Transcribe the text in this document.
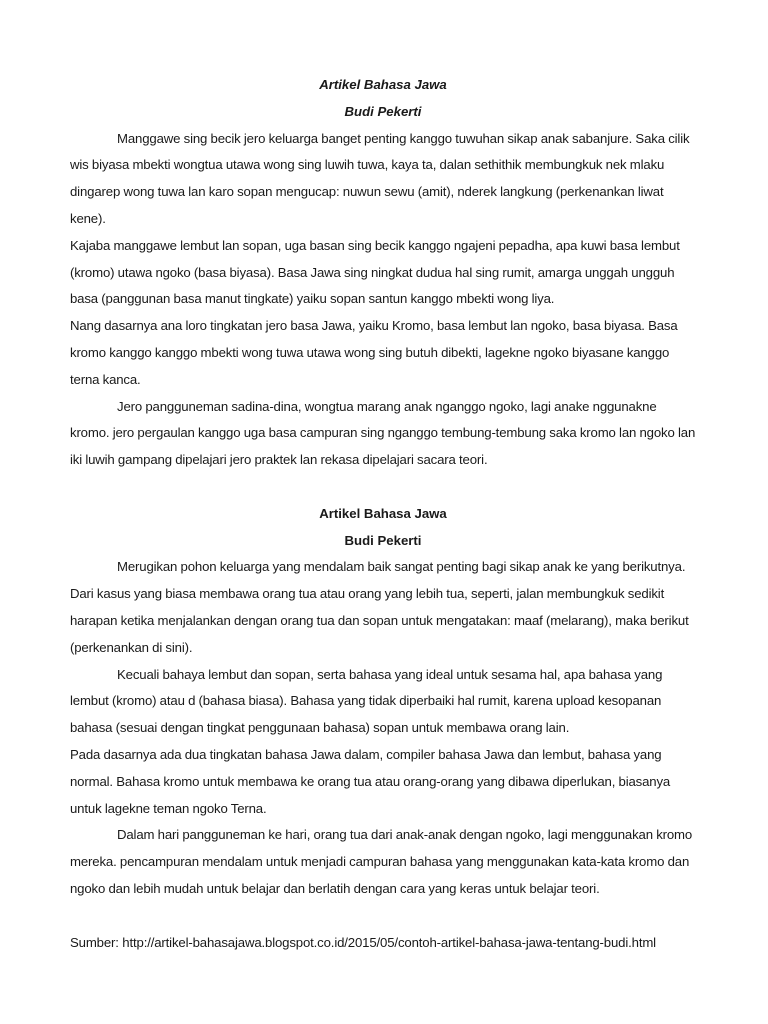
Artikel Bahasa Jawa

Budi Pekerti

Manggawe sing becik jero keluarga banget penting kanggo tuwuhan sikap anak sabanjure. Saka cilik wis biyasa mbekti wongtua utawa wong sing luwih tuwa, kaya ta, dalan sethithik membungkuk nek mlaku dingarep wong tuwa lan karo sopan mengucap: nuwun sewu (amit), nderek langkung (perkenankan liwat kene).

Kajaba manggawe lembut lan sopan, uga basan sing becik kanggo ngajeni pepadha, apa kuwi basa lembut (kromo) utawa ngoko (basa biyasa). Basa Jawa sing ningkat dudua hal sing rumit, amarga unggah ungguh basa (panggunan basa manut tingkate) yaiku sopan santun kanggo mbekti wong liya.

Nang dasarnya ana loro tingkatan jero basa Jawa, yaiku Kromo, basa lembut lan ngoko, basa biyasa. Basa kromo kanggo kanggo mbekti wong tuwa utawa wong sing butuh dibekti, lagekne ngoko biyasane kanggo terna kanca.

Jero pangguneman sadina-dina, wongtua marang anak nganggo ngoko, lagi anake nggunakne kromo. jero pergaulan kanggo uga basa campuran sing nganggo tembung-tembung saka kromo lan ngoko lan iki luwih gampang dipelajari jero praktek lan rekasa dipelajari sacara teori.

Artikel Bahasa Jawa

Budi Pekerti

Merugikan pohon keluarga yang mendalam baik sangat penting bagi sikap anak ke yang berikutnya. Dari kasus yang biasa membawa orang tua atau orang yang lebih tua, seperti, jalan membungkuk sedikit harapan ketika menjalankan dengan orang tua dan sopan untuk mengatakan: maaf (melarang), maka berikut (perkenankan di sini).

Kecuali bahaya lembut dan sopan, serta bahasa yang ideal untuk sesama hal, apa bahasa yang lembut (kromo) atau d (bahasa biasa). Bahasa yang tidak diperbaiki hal rumit, karena upload kesopanan bahasa (sesuai dengan tingkat penggunaan bahasa) sopan untuk membawa orang lain.

Pada dasarnya ada dua tingkatan bahasa Jawa dalam, compiler bahasa Jawa dan lembut, bahasa yang normal. Bahasa kromo untuk membawa ke orang tua atau orang-orang yang dibawa diperlukan, biasanya untuk lagekne teman ngoko Terna.

Dalam hari pangguneman ke hari, orang tua dari anak-anak dengan ngoko, lagi menggunakan kromo mereka. pencampuran mendalam untuk menjadi campuran bahasa yang menggunakan kata-kata kromo dan ngoko dan lebih mudah untuk belajar dan berlatih dengan cara yang keras untuk belajar teori.

Sumber: http://artikel-bahasajawa.blogspot.co.id/2015/05/contoh-artikel-bahasa-jawa-tentang-budi.html
